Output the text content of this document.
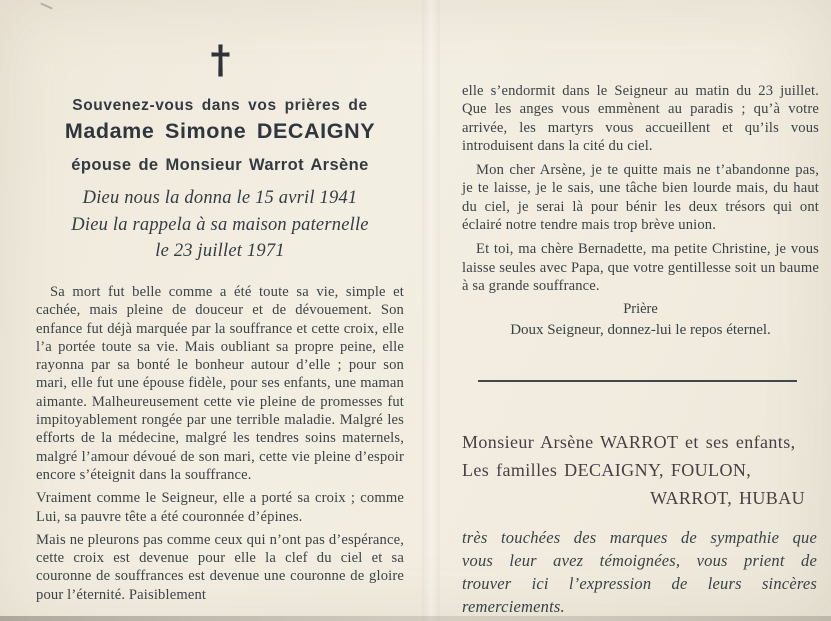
Souvenez-vous dans vos prières de

Madame Simone DECAIGNY

épouse de Monsieur Warrot Arsène

Dieu nous la donna le 15 avril 1941

Dieu la rappela à sa maison paternelle

le 23 juillet 1971

Sa mort fut belle comme a été toute sa vie, simple et cachée, mais pleine de douceur et de dévouement. Son enfance fut déjà marquée par la souffrance et cette croix, elle l’a portée toute sa vie. Mais oubliant sa propre peine, elle rayonna par sa bonté le bonheur autour d’elle ; pour son mari, elle fut une épouse fidèle, pour ses enfants, une maman aimante. Malheureusement cette vie pleine de promesses fut impitoyablement rongée par une terrible maladie. Malgré les efforts de la médecine, malgré les tendres soins maternels, malgré l’amour dévoué de son mari, cette vie pleine d’espoir encore s’éteignit dans la souffrance.

Vraiment comme le Seigneur, elle a porté sa croix ; comme Lui, sa pauvre tête a été couronnée d’épines.

Mais ne pleurons pas comme ceux qui n’ont pas d’espérance, cette croix est devenue pour elle la clef du ciel et sa couronne de souffrances est devenue une couronne de gloire pour l’éternité. Paisiblement

elle s’endormit dans le Seigneur au matin du 23 juillet. Que les anges vous emmènent au paradis ; qu’à votre arrivée, les martyrs vous accueillent et qu’ils vous introduisent dans la cité du ciel.

Mon cher Arsène, je te quitte mais ne t’abandonne pas, je te laisse, je le sais, une tâche bien lourde mais, du haut du ciel, je serai là pour bénir les deux trésors qui ont éclairé notre tendre mais trop brève union.

Et toi, ma chère Bernadette, ma petite Christine, je vous laisse seules avec Papa, que votre gentillesse soit un baume à sa grande souffrance.

Prière

Doux Seigneur, donnez-lui le repos éternel.

Monsieur Arsène WARROT et ses enfants,

Les familles DECAIGNY, FOULON,

WARROT, HUBAU

très touchées des marques de sympathie que vous leur avez témoignées, vous prient de trouver ici l’expression de leurs sincères remerciements.
